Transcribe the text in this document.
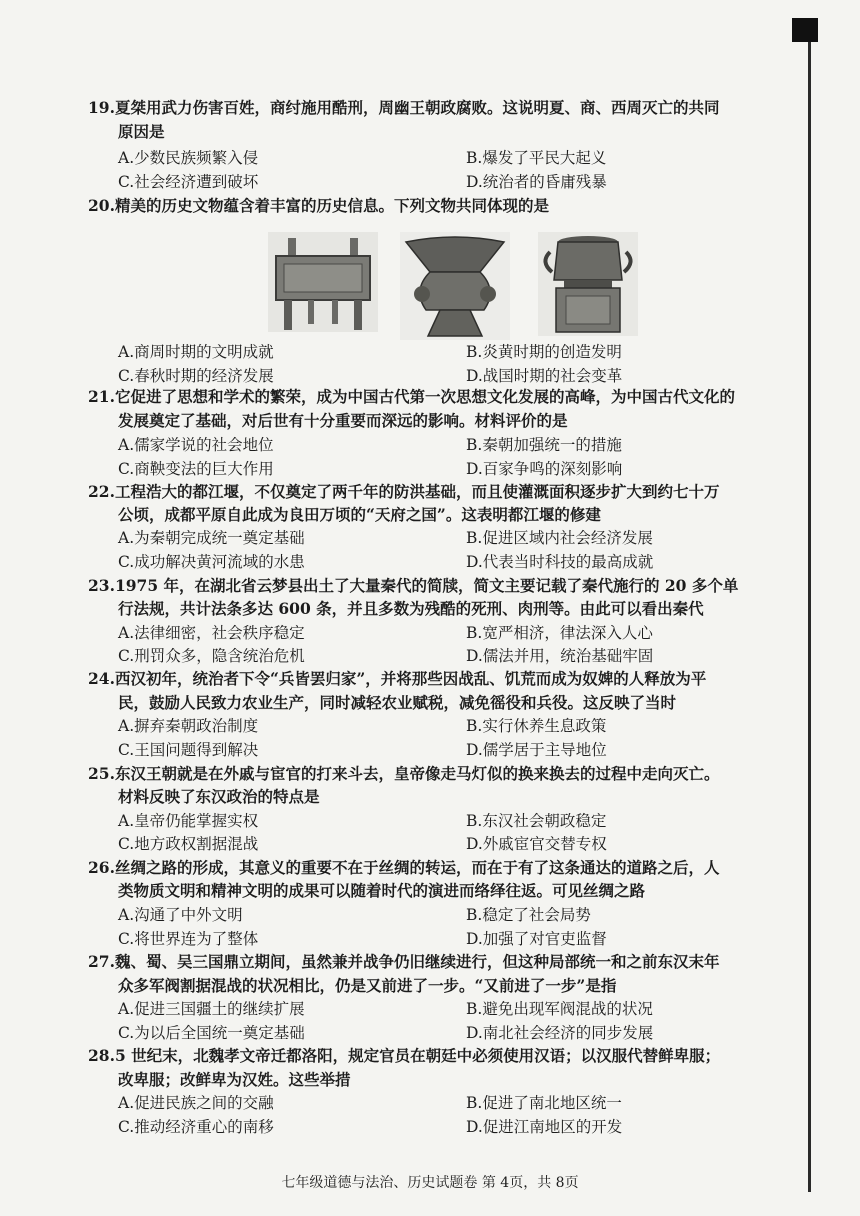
19.夏桀用武力伤害百姓，商纣施用酷刑，周幽王朝政腐败。这说明夏、商、西周灭亡的共同
原因是
A.少数民族频繁入侵	B.爆发了平民大起义
C.社会经济遭到破坏	D.统治者的昏庸残暴
20.精美的历史文物蕴含着丰富的历史信息。下列文物共同体现的是
A.商周时期的文明成就	B.炎黄时期的创造发明
C.春秋时期的经济发展	D.战国时期的社会变革
21.它促进了思想和学术的繁荣，成为中国古代第一次思想文化发展的高峰，为中国古代文化的
发展奠定了基础，对后世有十分重要而深远的影响。材料评价的是
A.儒家学说的社会地位	B.秦朝加强统一的措施
C.商鞅变法的巨大作用	D.百家争鸣的深刻影响
22.工程浩大的都江堰，不仅奠定了两千年的防洪基础，而且使灌溉面积逐步扩大到约七十万
公顷，成都平原自此成为良田万顷的“天府之国”。这表明都江堰的修建
A.为秦朝完成统一奠定基础	B.促进区域内社会经济发展
C.成功解决黄河流域的水患	D.代表当时科技的最高成就
23.1975 年，在湖北省云梦县出土了大量秦代的简牍，简文主要记载了秦代施行的 20 多个单
行法规，共计法条多达 600 条，并且多数为残酷的死刑、肉刑等。由此可以看出秦代
A.法律细密，社会秩序稳定	B.宽严相济，律法深入人心
C.刑罚众多，隐含统治危机	D.儒法并用，统治基础牢固
24.西汉初年，统治者下令“兵皆罢归家”，并将那些因战乱、饥荒而成为奴婢的人释放为平
民，鼓励人民致力农业生产，同时减轻农业赋税，减免徭役和兵役。这反映了当时
A.摒弃秦朝政治制度	B.实行休养生息政策
C.王国问题得到解决	D.儒学居于主导地位
25.东汉王朝就是在外戚与宦官的打来斗去，皇帝像走马灯似的换来换去的过程中走向灭亡。
材料反映了东汉政治的特点是
A.皇帝仍能掌握实权	B.东汉社会朝政稳定
C.地方政权割据混战	D.外戚宦官交替专权
26.丝绸之路的形成，其意义的重要不在于丝绸的转运，而在于有了这条通达的道路之后，人
类物质文明和精神文明的成果可以随着时代的演进而络绎往返。可见丝绸之路
A.沟通了中外文明	B.稳定了社会局势
C.将世界连为了整体	D.加强了对官吏监督
27.魏、蜀、吴三国鼎立期间，虽然兼并战争仍旧继续进行，但这种局部统一和之前东汉末年
众多军阀割据混战的状况相比，仍是又前进了一步。“又前进了一步”是指
A.促进三国疆土的继续扩展	B.避免出现军阀混战的状况
C.为以后全国统一奠定基础	D.南北社会经济的同步发展
28.5 世纪末，北魏孝文帝迁都洛阳，规定官员在朝廷中必须使用汉语；以汉服代替鲜卑服；
改卑服；改鲜卑为汉姓。这些举措
A.促进民族之间的交融	B.促进了南北地区统一
C.推动经济重心的南移	D.促进江南地区的开发
七年级道德与法治、历史试题卷 第 4页，共 8页
